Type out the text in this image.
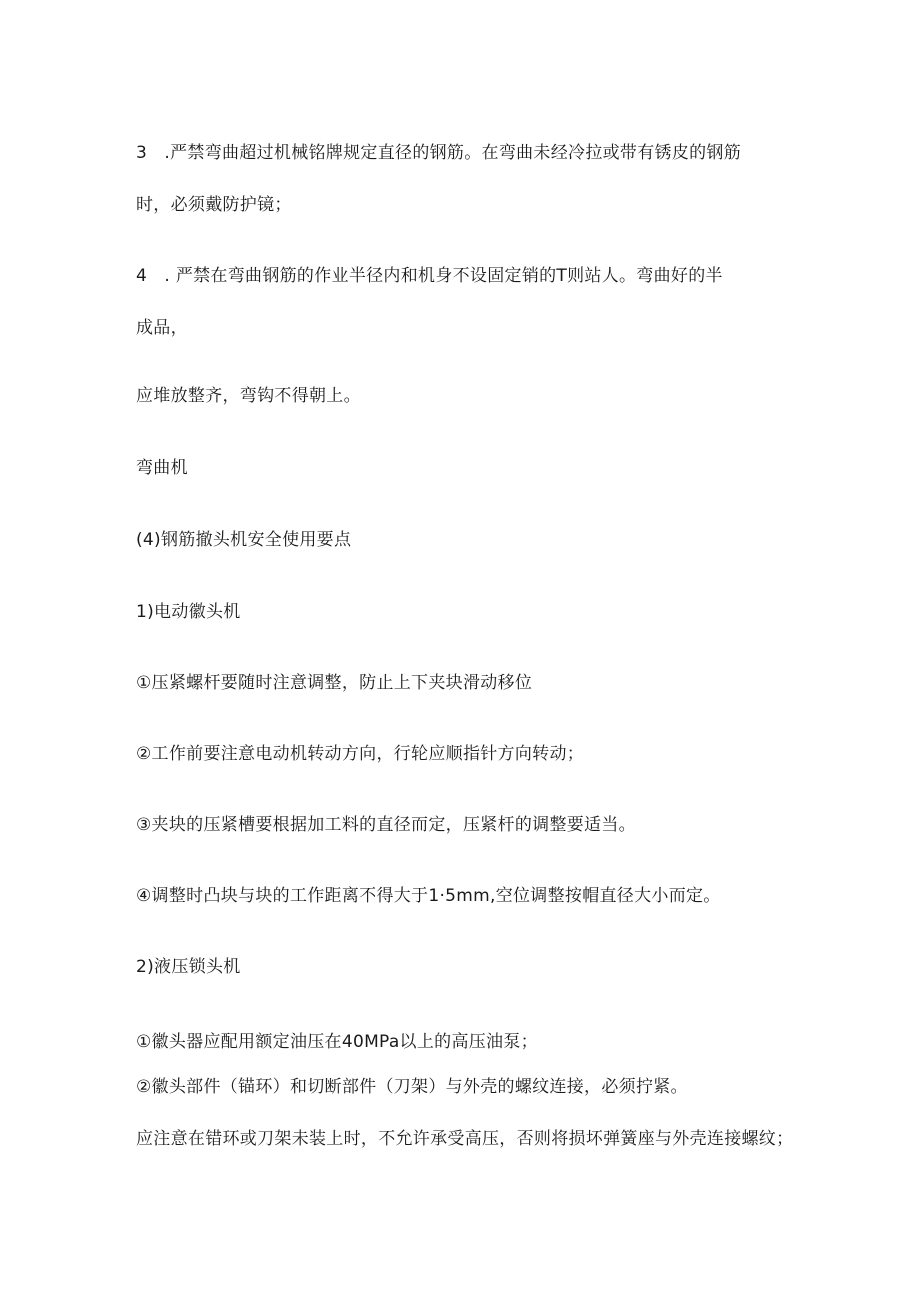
3　.严禁弯曲超过机械铭牌规定直径的钢筋。在弯曲未经冷拉或带有锈皮的钢筋
时，必须戴防护镜；
4　. 严禁在弯曲钢筋的作业半径内和机身不设固定销的T则站人。弯曲好的半
成品，
应堆放整齐，弯钩不得朝上。
弯曲机
(4)钢筋撤头机安全使用要点
1)电动徽头机
①压紧螺杆要随时注意调整，防止上下夹块滑动移位
②工作前要注意电动机转动方向，行轮应顺指针方向转动；
③夹块的压紧槽要根据加工料的直径而定，压紧杆的调整要适当。
④调整时凸块与块的工作距离不得大于1·5mm,空位调整按帽直径大小而定。
2)液压锁头机
①徽头器应配用额定油压在40MPa以上的高压油泵；
②徽头部件（锚环）和切断部件（刀架）与外壳的螺纹连接，必须拧紧。
应注意在错环或刀架未装上时，不允许承受高压，否则将损坏弹簧座与外壳连接螺纹；
